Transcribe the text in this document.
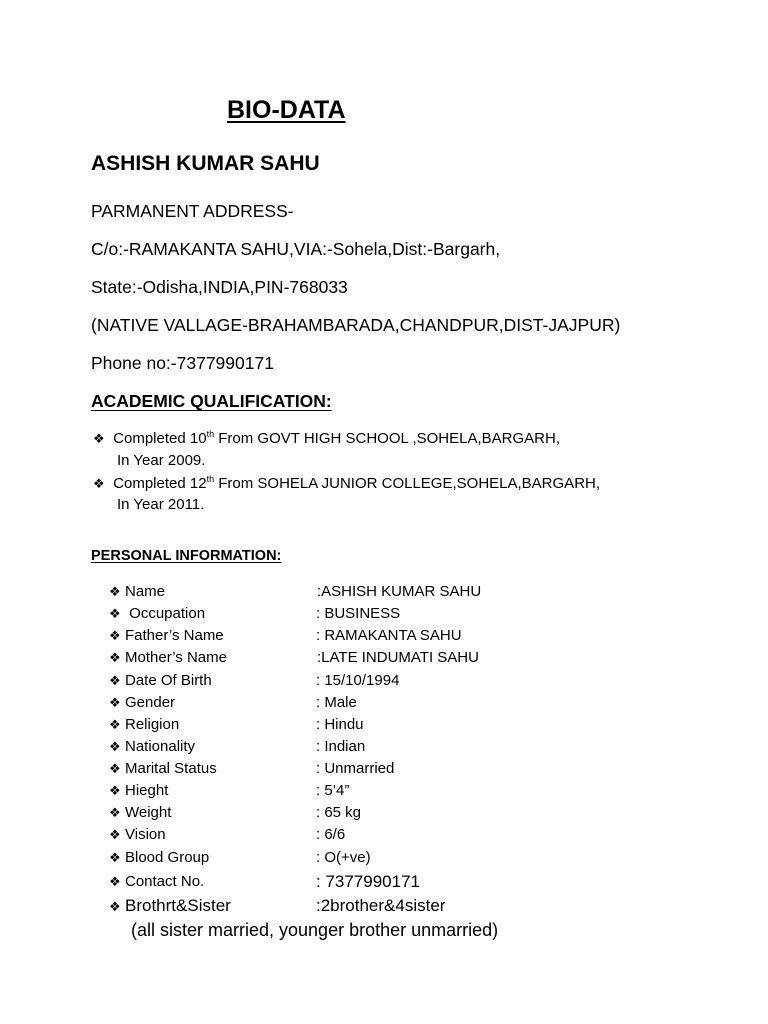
BIO-DATA
ASHISH KUMAR SAHU
PARMANENT ADDRESS-
C/o:-RAMAKANTA SAHU,VIA:-Sohela,Dist:-Bargarh,
State:-Odisha,INDIA,PIN-768033
(NATIVE VALLAGE-BRAHAMBARADA,CHANDPUR,DIST-JAJPUR)
Phone no:-7377990171
ACADEMIC QUALIFICATION:
❖ Completed 10th From GOVT HIGH SCHOOL ,SOHELA,BARGARH,
In Year 2009.
❖ Completed 12th From SOHELA JUNIOR COLLEGE,SOHELA,BARGARH,
In Year 2011.
PERSONAL INFORMATION:
❖ Name	:ASHISH KUMAR SAHU
❖ Occupation	: BUSINESS
❖ Father’s Name	: RAMAKANTA SAHU
❖ Mother’s Name	:LATE INDUMATI SAHU
❖ Date Of Birth	: 15/10/1994
❖ Gender	: Male
❖ Religion	: Hindu
❖ Nationality	: Indian
❖ Marital Status	: Unmarried
❖ Hieght	: 5’4”
❖ Weight	: 65 kg
❖ Vision	: 6/6
❖ Blood Group	: O(+ve)
❖ Contact No.	: 7377990171
❖ Brothrt&Sister	:2brother&4sister
(all sister married, younger brother unmarried)
